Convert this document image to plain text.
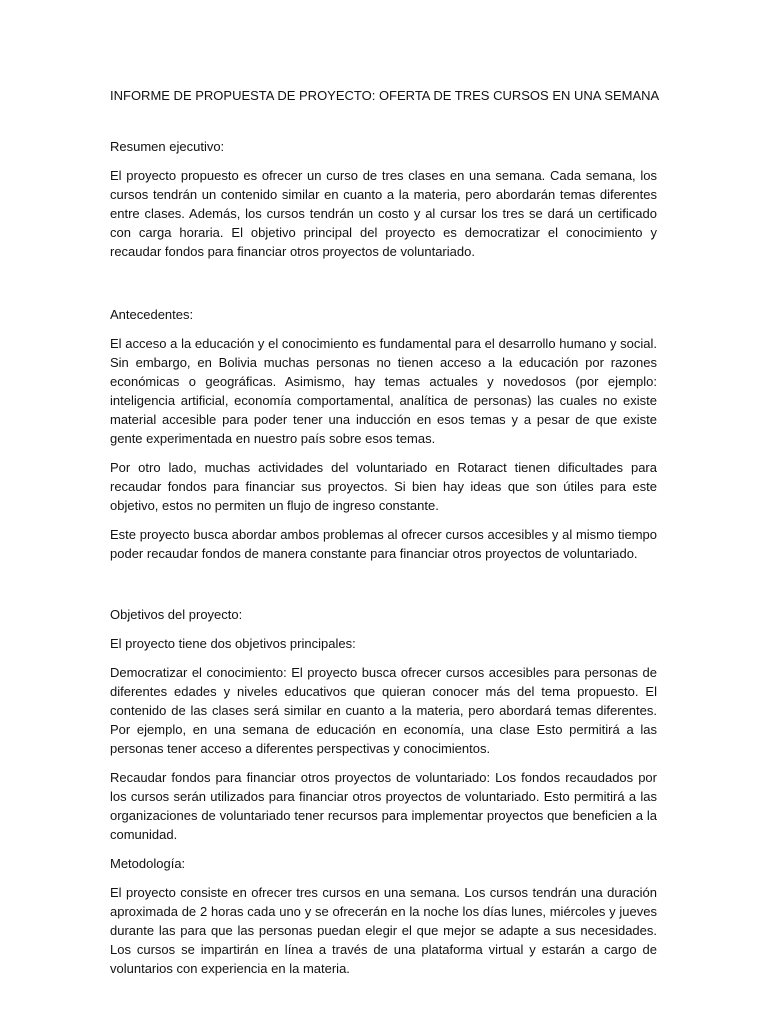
INFORME DE PROPUESTA DE PROYECTO: OFERTA DE TRES CURSOS EN UNA SEMANA

Resumen ejecutivo:

El proyecto propuesto es ofrecer un curso de tres clases en una semana. Cada semana, los cursos tendrán un contenido similar en cuanto a la materia, pero abordarán temas diferentes entre clases. Además, los cursos tendrán un costo y al cursar los tres se dará un certificado con carga horaria. El objetivo principal del proyecto es democratizar el conocimiento y recaudar fondos para financiar otros proyectos de voluntariado.

Antecedentes:

El acceso a la educación y el conocimiento es fundamental para el desarrollo humano y social. Sin embargo, en Bolivia muchas personas no tienen acceso a la educación por razones económicas o geográficas. Asimismo, hay temas actuales y novedosos (por ejemplo: inteligencia artificial, economía comportamental, analítica de personas) las cuales no existe material accesible para poder tener una inducción en esos temas y a pesar de que existe gente experimentada en nuestro país sobre esos temas.

Por otro lado, muchas actividades del voluntariado en Rotaract tienen dificultades para recaudar fondos para financiar sus proyectos. Si bien hay ideas que son útiles para este objetivo, estos no permiten un flujo de ingreso constante.

Este proyecto busca abordar ambos problemas al ofrecer cursos accesibles y al mismo tiempo poder recaudar fondos de manera constante para financiar otros proyectos de voluntariado.

Objetivos del proyecto:

El proyecto tiene dos objetivos principales:

Democratizar el conocimiento: El proyecto busca ofrecer cursos accesibles para personas de diferentes edades y niveles educativos que quieran conocer más del tema propuesto. El contenido de las clases será similar en cuanto a la materia, pero abordará temas diferentes. Por ejemplo, en una semana de educación en economía, una clase Esto permitirá a las personas tener acceso a diferentes perspectivas y conocimientos.

Recaudar fondos para financiar otros proyectos de voluntariado: Los fondos recaudados por los cursos serán utilizados para financiar otros proyectos de voluntariado. Esto permitirá a las organizaciones de voluntariado tener recursos para implementar proyectos que beneficien a la comunidad.

Metodología:

El proyecto consiste en ofrecer tres cursos en una semana. Los cursos tendrán una duración aproximada de 2 horas cada uno y se ofrecerán en la noche los días lunes, miércoles y jueves durante las para que las personas puedan elegir el que mejor se adapte a sus necesidades. Los cursos se impartirán en línea a través de una plataforma virtual y estarán a cargo de voluntarios con experiencia en la materia.
